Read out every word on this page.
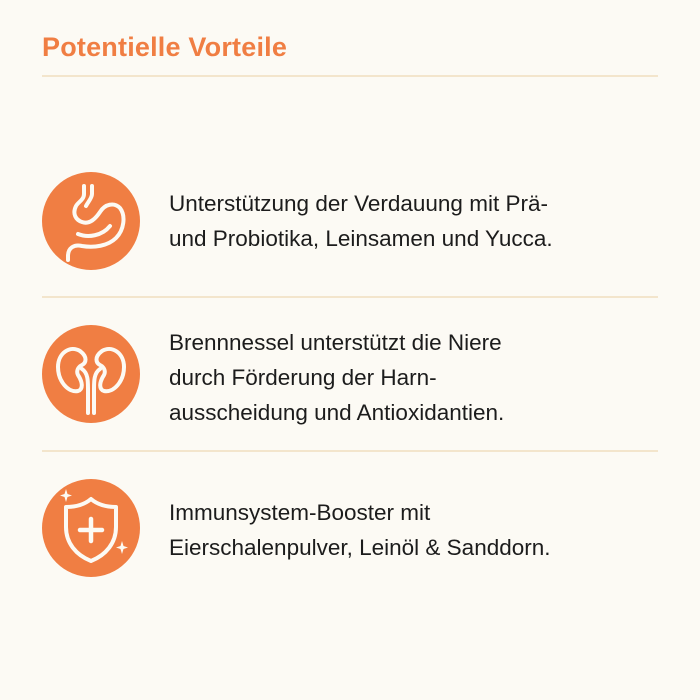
Potentielle Vorteile
Unterstützung der Verdauung mit Prä-
und Probiotika, Leinsamen und Yucca.
Brennnessel unterstützt die Niere
durch Förderung der Harn-
ausscheidung und Antioxidantien.
Immunsystem-Booster mit
Eierschalenpulver, Leinöl & Sanddorn.
